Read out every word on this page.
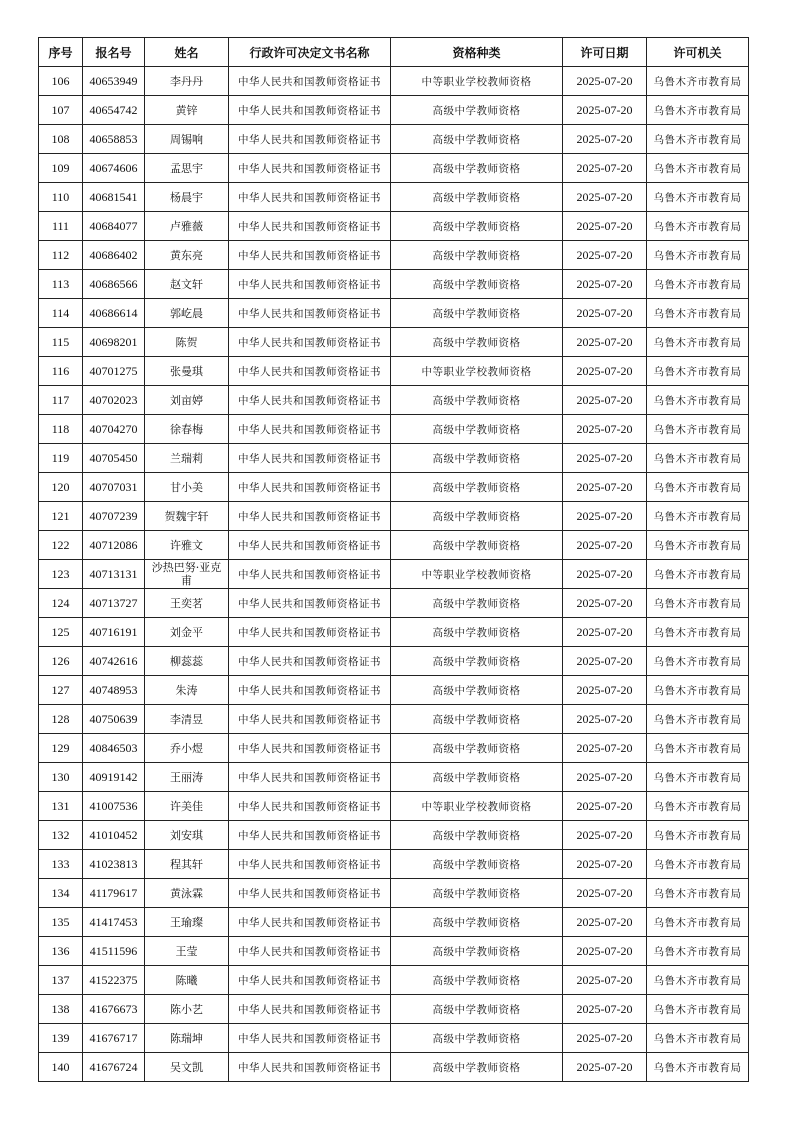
序号	报名号	姓名	行政许可决定文书名称	资格种类	许可日期	许可机关
106	40653949	李丹丹	中华人民共和国教师资格证书	中等职业学校教师资格	2025-07-20	乌鲁木齐市教育局
107	40654742	黄锌	中华人民共和国教师资格证书	高级中学教师资格	2025-07-20	乌鲁木齐市教育局
108	40658853	周锡响	中华人民共和国教师资格证书	高级中学教师资格	2025-07-20	乌鲁木齐市教育局
109	40674606	孟思宇	中华人民共和国教师资格证书	高级中学教师资格	2025-07-20	乌鲁木齐市教育局
110	40681541	杨晨宇	中华人民共和国教师资格证书	高级中学教师资格	2025-07-20	乌鲁木齐市教育局
111	40684077	卢雅薇	中华人民共和国教师资格证书	高级中学教师资格	2025-07-20	乌鲁木齐市教育局
112	40686402	黄东亮	中华人民共和国教师资格证书	高级中学教师资格	2025-07-20	乌鲁木齐市教育局
113	40686566	赵文轩	中华人民共和国教师资格证书	高级中学教师资格	2025-07-20	乌鲁木齐市教育局
114	40686614	郭屹晨	中华人民共和国教师资格证书	高级中学教师资格	2025-07-20	乌鲁木齐市教育局
115	40698201	陈贺	中华人民共和国教师资格证书	高级中学教师资格	2025-07-20	乌鲁木齐市教育局
116	40701275	张曼琪	中华人民共和国教师资格证书	中等职业学校教师资格	2025-07-20	乌鲁木齐市教育局
117	40702023	刘亩婷	中华人民共和国教师资格证书	高级中学教师资格	2025-07-20	乌鲁木齐市教育局
118	40704270	徐春梅	中华人民共和国教师资格证书	高级中学教师资格	2025-07-20	乌鲁木齐市教育局
119	40705450	兰瑞莉	中华人民共和国教师资格证书	高级中学教师资格	2025-07-20	乌鲁木齐市教育局
120	40707031	甘小美	中华人民共和国教师资格证书	高级中学教师资格	2025-07-20	乌鲁木齐市教育局
121	40707239	贺魏宇轩	中华人民共和国教师资格证书	高级中学教师资格	2025-07-20	乌鲁木齐市教育局
122	40712086	许雅文	中华人民共和国教师资格证书	高级中学教师资格	2025-07-20	乌鲁木齐市教育局
123	40713131	沙热巴努·亚克甫	中华人民共和国教师资格证书	中等职业学校教师资格	2025-07-20	乌鲁木齐市教育局
124	40713727	王奕茗	中华人民共和国教师资格证书	高级中学教师资格	2025-07-20	乌鲁木齐市教育局
125	40716191	刘金平	中华人民共和国教师资格证书	高级中学教师资格	2025-07-20	乌鲁木齐市教育局
126	40742616	柳蕊蕊	中华人民共和国教师资格证书	高级中学教师资格	2025-07-20	乌鲁木齐市教育局
127	40748953	朱涛	中华人民共和国教师资格证书	高级中学教师资格	2025-07-20	乌鲁木齐市教育局
128	40750639	李清昱	中华人民共和国教师资格证书	高级中学教师资格	2025-07-20	乌鲁木齐市教育局
129	40846503	乔小煜	中华人民共和国教师资格证书	高级中学教师资格	2025-07-20	乌鲁木齐市教育局
130	40919142	王丽涛	中华人民共和国教师资格证书	高级中学教师资格	2025-07-20	乌鲁木齐市教育局
131	41007536	许美佳	中华人民共和国教师资格证书	中等职业学校教师资格	2025-07-20	乌鲁木齐市教育局
132	41010452	刘安琪	中华人民共和国教师资格证书	高级中学教师资格	2025-07-20	乌鲁木齐市教育局
133	41023813	程其轩	中华人民共和国教师资格证书	高级中学教师资格	2025-07-20	乌鲁木齐市教育局
134	41179617	黄泳霖	中华人民共和国教师资格证书	高级中学教师资格	2025-07-20	乌鲁木齐市教育局
135	41417453	王瑜璨	中华人民共和国教师资格证书	高级中学教师资格	2025-07-20	乌鲁木齐市教育局
136	41511596	王莹	中华人民共和国教师资格证书	高级中学教师资格	2025-07-20	乌鲁木齐市教育局
137	41522375	陈曦	中华人民共和国教师资格证书	高级中学教师资格	2025-07-20	乌鲁木齐市教育局
138	41676673	陈小艺	中华人民共和国教师资格证书	高级中学教师资格	2025-07-20	乌鲁木齐市教育局
139	41676717	陈瑞坤	中华人民共和国教师资格证书	高级中学教师资格	2025-07-20	乌鲁木齐市教育局
140	41676724	吴文凯	中华人民共和国教师资格证书	高级中学教师资格	2025-07-20	乌鲁木齐市教育局
